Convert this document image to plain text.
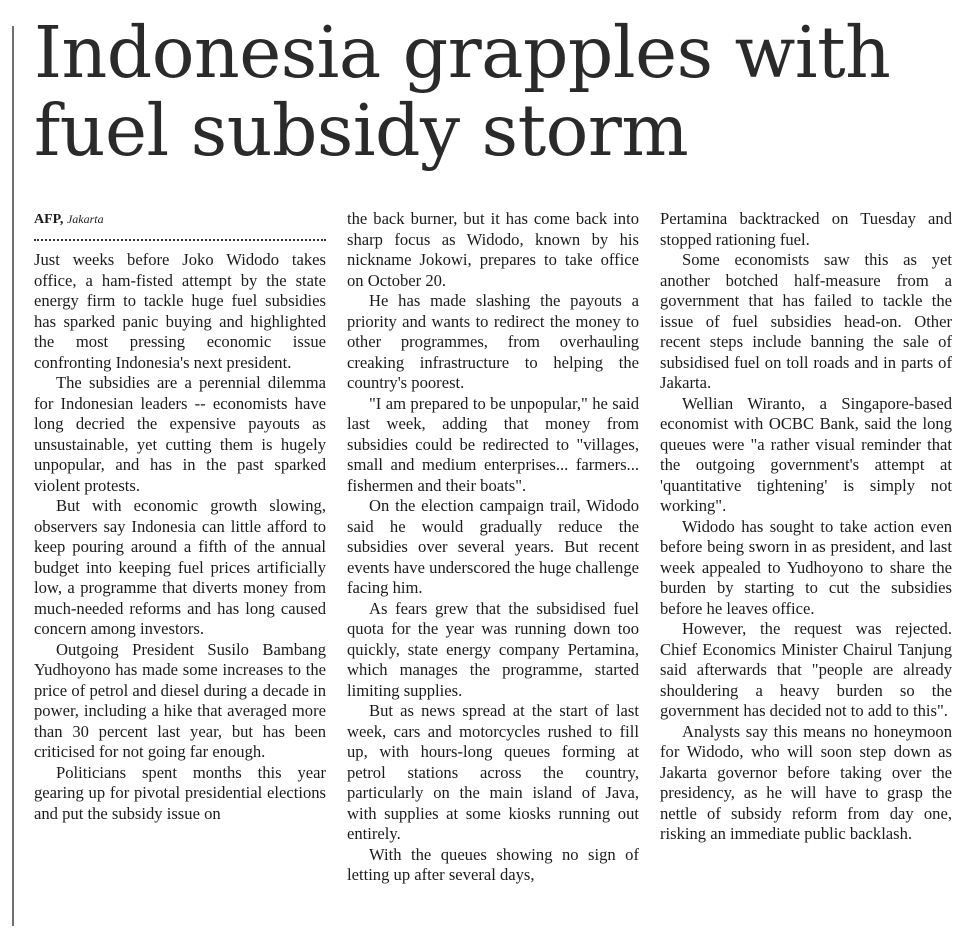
Indonesia grapples with fuel subsidy storm
AFP, Jakarta

Just weeks before Joko Widodo takes office, a ham-fisted attempt by the state energy firm to tackle huge fuel subsidies has sparked panic buying and highlighted the most pressing economic issue confronting Indonesia's next president.

The subsidies are a perennial dilemma for Indonesian leaders -- economists have long decried the expensive payouts as unsustainable, yet cutting them is hugely unpopular, and has in the past sparked violent protests.

But with economic growth slowing, observers say Indonesia can little afford to keep pouring around a fifth of the annual budget into keeping fuel prices artificially low, a programme that diverts money from much-needed reforms and has long caused concern among investors.

Outgoing President Susilo Bambang Yudhoyono has made some increases to the price of petrol and diesel during a decade in power, including a hike that averaged more than 30 percent last year, but has been criticised for not going far enough.

Politicians spent months this year gearing up for pivotal presidential elections and put the subsidy issue on

the back burner, but it has come back into sharp focus as Widodo, known by his nickname Jokowi, prepares to take office on October 20.

He has made slashing the payouts a priority and wants to redirect the money to other programmes, from overhauling creaking infrastructure to helping the country's poorest.

"I am prepared to be unpopular," he said last week, adding that money from subsidies could be redirected to "villages, small and medium enterprises... farmers... fishermen and their boats".

On the election campaign trail, Widodo said he would gradually reduce the subsidies over several years. But recent events have underscored the huge challenge facing him.

As fears grew that the subsidised fuel quota for the year was running down too quickly, state energy company Pertamina, which manages the programme, started limiting supplies.

But as news spread at the start of last week, cars and motorcycles rushed to fill up, with hours-long queues forming at petrol stations across the country, particularly on the main island of Java, with supplies at some kiosks running out entirely.

With the queues showing no sign of letting up after several days,

Pertamina backtracked on Tuesday and stopped rationing fuel.

Some economists saw this as yet another botched half-measure from a government that has failed to tackle the issue of fuel subsidies head-on. Other recent steps include banning the sale of subsidised fuel on toll roads and in parts of Jakarta.

Wellian Wiranto, a Singapore-based economist with OCBC Bank, said the long queues were "a rather visual reminder that the outgoing government's attempt at 'quantitative tightening' is simply not working".

Widodo has sought to take action even before being sworn in as president, and last week appealed to Yudhoyono to share the burden by starting to cut the subsidies before he leaves office.

However, the request was rejected. Chief Economics Minister Chairul Tanjung said afterwards that "people are already shouldering a heavy burden so the government has decided not to add to this".

Analysts say this means no honeymoon for Widodo, who will soon step down as Jakarta governor before taking over the presidency, as he will have to grasp the nettle of subsidy reform from day one, risking an immediate public backlash.
